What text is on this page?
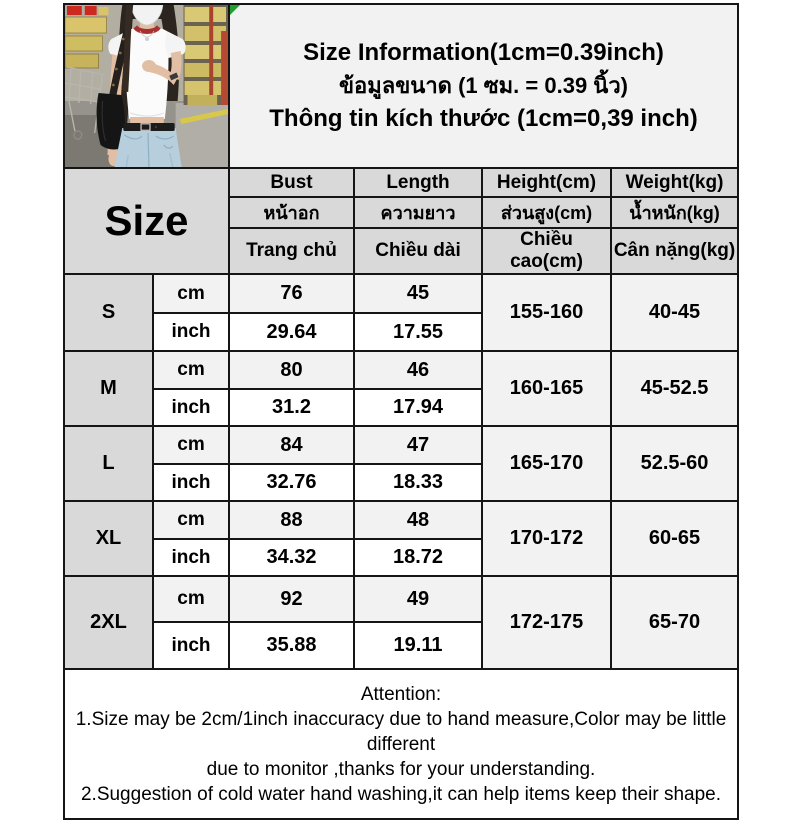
Size Information(1cm=0.39inch)
ข้อมูลขนาด (1 ซม. = 0.39 นิ้ว)
Thông tin kích thước (1cm=0,39 inch)			

Size		Bust	Length	Height(cm)	Weight(kg)
		หน้าอก	ความยาว	ส่วนสูง(cm)	น้ำหนัก(kg)
		Trang chủ	Chiều dài	Chiều cao(cm)	Cân nặng(kg)
S	cm	76	45	155-160	40-45
	inch	29.64	17.55		
M	cm	80	46	160-165	45-52.5
	inch	31.2	17.94		
L	cm	84	47	165-170	52.5-60
	inch	32.76	18.33		
XL	cm	88	48	170-172	60-65
	inch	34.32	18.72		
2XL	cm	92	49	172-175	65-70
	inch	35.88	19.11		

Attention:
1.Size may be 2cm/1inch inaccuracy due to hand measure,Color may be little different
due to monitor ,thanks for your understanding.
2.Suggestion of cold water hand washing,it can help items keep their shape.					
